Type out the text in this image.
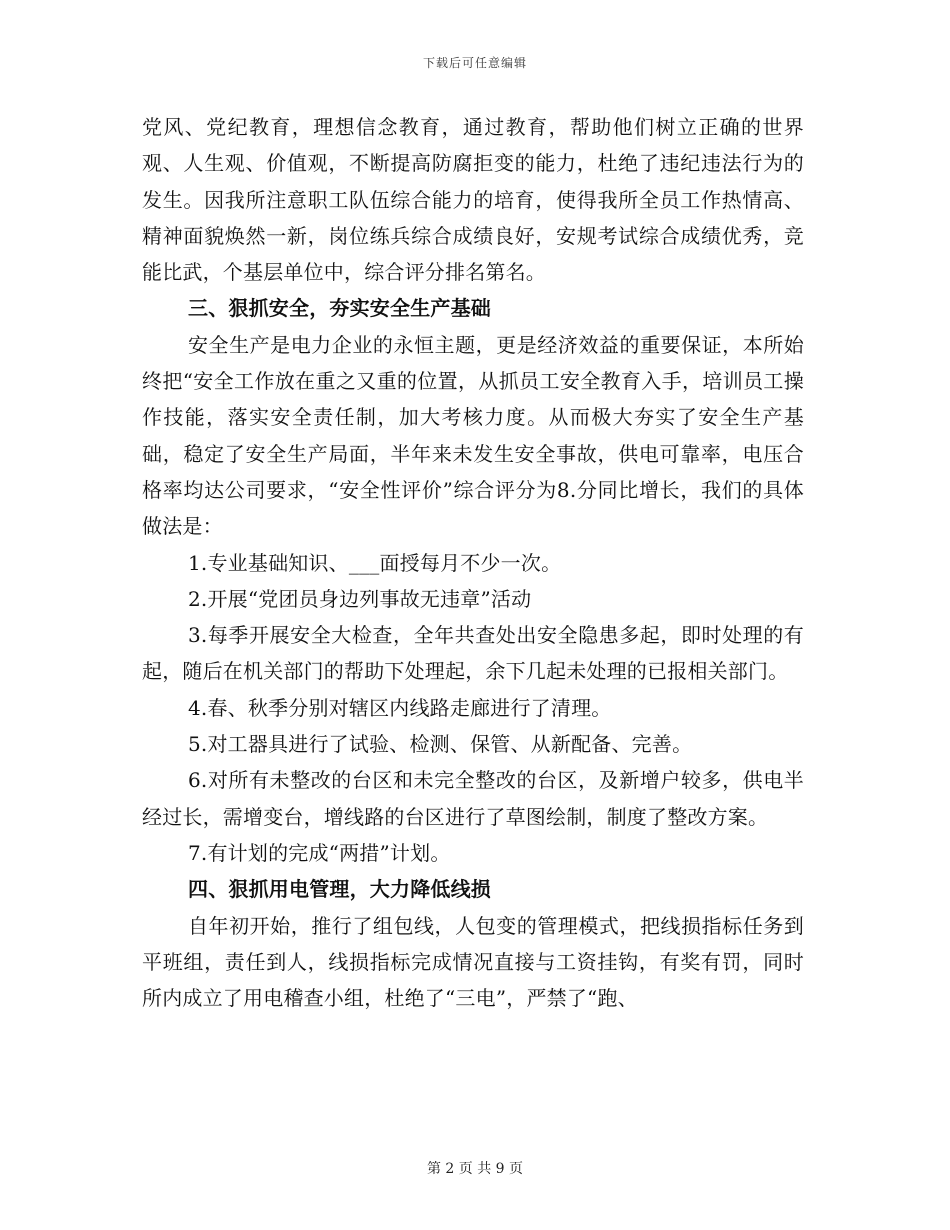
下载后可任意编辑

党风、党纪教育，理想信念教育，通过教育，帮助他们树立正确的世界观、人生观、价值观，不断提高防腐拒变的能力，杜绝了违纪违法行为的发生。因我所注意职工队伍综合能力的培育，使得我所全员工作热情高、精神面貌焕然一新，岗位练兵综合成绩良好，安规考试综合成绩优秀，竞能比武，个基层单位中，综合评分排名第名。

三、狠抓安全，夯实安全生产基础

安全生产是电力企业的永恒主题，更是经济效益的重要保证，本所始终把“安全工作放在重之又重的位置，从抓员工安全教育入手，培训员工操作技能，落实安全责任制，加大考核力度。从而极大夯实了安全生产基础，稳定了安全生产局面，半年来未发生安全事故，供电可靠率，电压合格率均达公司要求，“安全性评价”综合评分为8.分同比增长，我们的具体做法是：

1.专业基础知识、___面授每月不少一次。

2.开展“党团员身边列事故无违章”活动

3.每季开展安全大检查，全年共查处出安全隐患多起，即时处理的有起，随后在机关部门的帮助下处理起，余下几起未处理的已报相关部门。

4.春、秋季分别对辖区内线路走廊进行了清理。

5.对工器具进行了试验、检测、保管、从新配备、完善。

6.对所有未整改的台区和未完全整改的台区，及新增户较多，供电半经过长，需增变台，增线路的台区进行了草图绘制，制度了整改方案。

7.有计划的完成“两措”计划。

四、狠抓用电管理，大力降低线损

自年初开始，推行了组包线，人包变的管理模式，把线损指标任务到平班组，责任到人，线损指标完成情况直接与工资挂钩，有奖有罚，同时所内成立了用电稽查小组，杜绝了“三电”，严禁了“跑、

第 2 页 共 9 页
